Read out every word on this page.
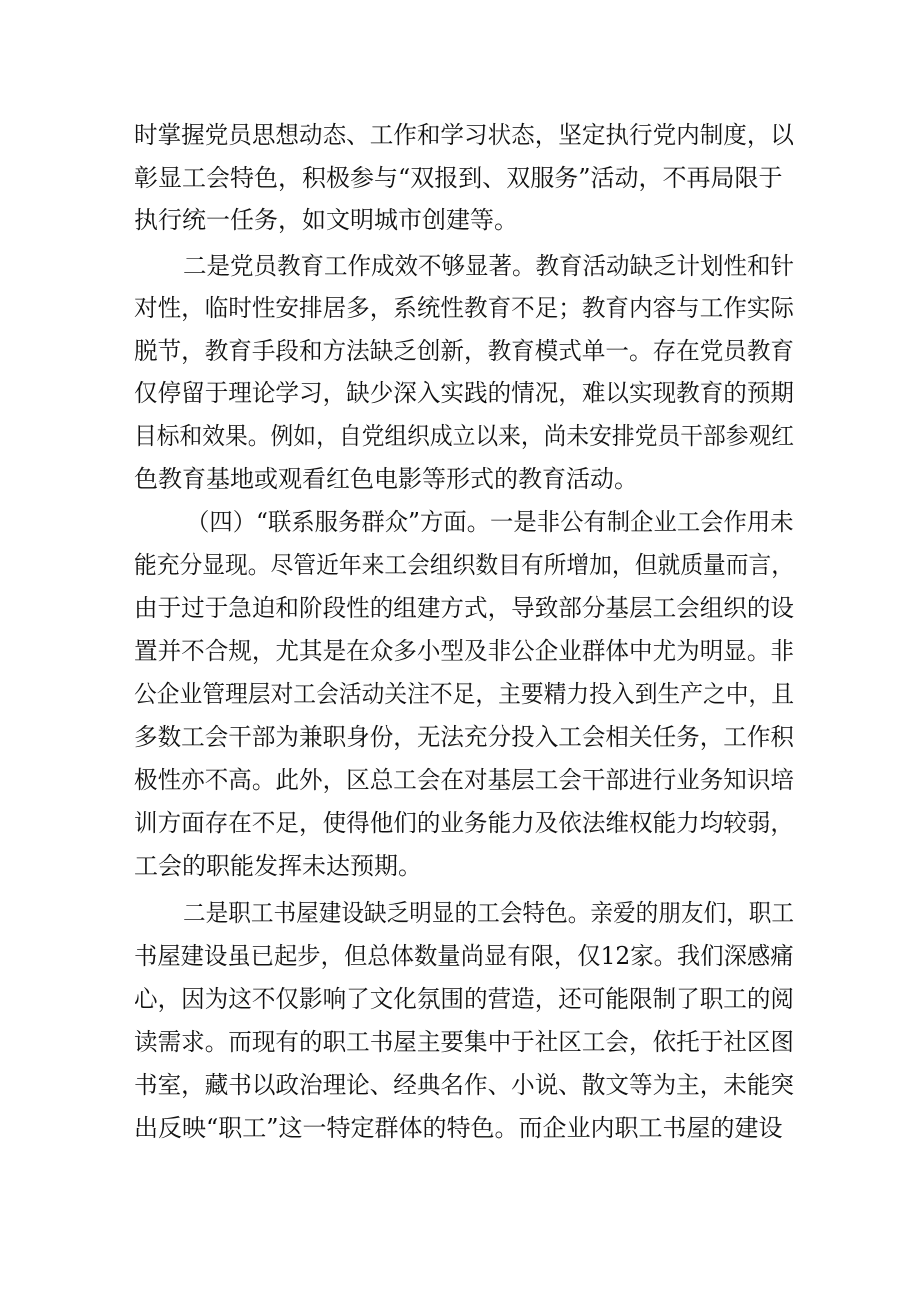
时掌握党员思想动态、工作和学习状态，坚定执行党内制度，以
彰显工会特色，积极参与“双报到、双服务”活动，不再局限于
执行统一任务，如文明城市创建等。
二是党员教育工作成效不够显著。教育活动缺乏计划性和针
对性，临时性安排居多，系统性教育不足；教育内容与工作实际
脱节，教育手段和方法缺乏创新，教育模式单一。存在党员教育
仅停留于理论学习，缺少深入实践的情况，难以实现教育的预期
目标和效果。例如，自党组织成立以来，尚未安排党员干部参观红
色教育基地或观看红色电影等形式的教育活动。
（四）“联系服务群众”方面。一是非公有制企业工会作用未
能充分显现。尽管近年来工会组织数目有所增加，但就质量而言，
由于过于急迫和阶段性的组建方式，导致部分基层工会组织的设
置并不合规，尤其是在众多小型及非公企业群体中尤为明显。非
公企业管理层对工会活动关注不足，主要精力投入到生产之中，且
多数工会干部为兼职身份，无法充分投入工会相关任务，工作积
极性亦不高。此外，区总工会在对基层工会干部进行业务知识培
训方面存在不足，使得他们的业务能力及依法维权能力均较弱，
工会的职能发挥未达预期。
二是职工书屋建设缺乏明显的工会特色。亲爱的朋友们，职工
书屋建设虽已起步，但总体数量尚显有限，仅12家。我们深感痛
心，因为这不仅影响了文化氛围的营造，还可能限制了职工的阅
读需求。而现有的职工书屋主要集中于社区工会，依托于社区图
书室，藏书以政治理论、经典名作、小说、散文等为主，未能突
出反映“职工”这一特定群体的特色。而企业内职工书屋的建设
